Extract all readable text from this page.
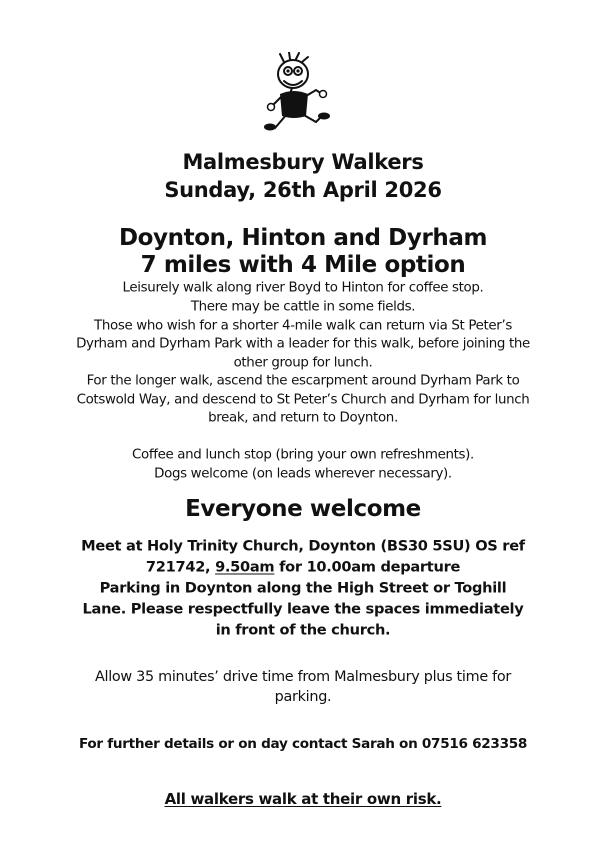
Malmesbury Walkers
Sunday, 26th April 2026
Doynton, Hinton and Dyrham
7 miles with 4 Mile option
Leisurely walk along river Boyd to Hinton for coffee stop.
There may be cattle in some fields.
Those who wish for a shorter 4-mile walk can return via St Peter’s
Dyrham and Dyrham Park with a leader for this walk, before joining the
other group for lunch.
For the longer walk, ascend the escarpment around Dyrham Park to
Cotswold Way, and descend to St Peter’s Church and Dyrham for lunch
break, and return to Doynton.
Coffee and lunch stop (bring your own refreshments).
Dogs welcome (on leads wherever necessary).
Everyone welcome
Meet at Holy Trinity Church, Doynton (BS30 5SU) OS ref
721742, 9.50am for 10.00am departure
Parking in Doynton along the High Street or Toghill
Lane. Please respectfully leave the spaces immediately
in front of the church.
Allow 35 minutes’ drive time from Malmesbury plus time for
parking.
For further details or on day contact Sarah on 07516 623358
All walkers walk at their own risk.
